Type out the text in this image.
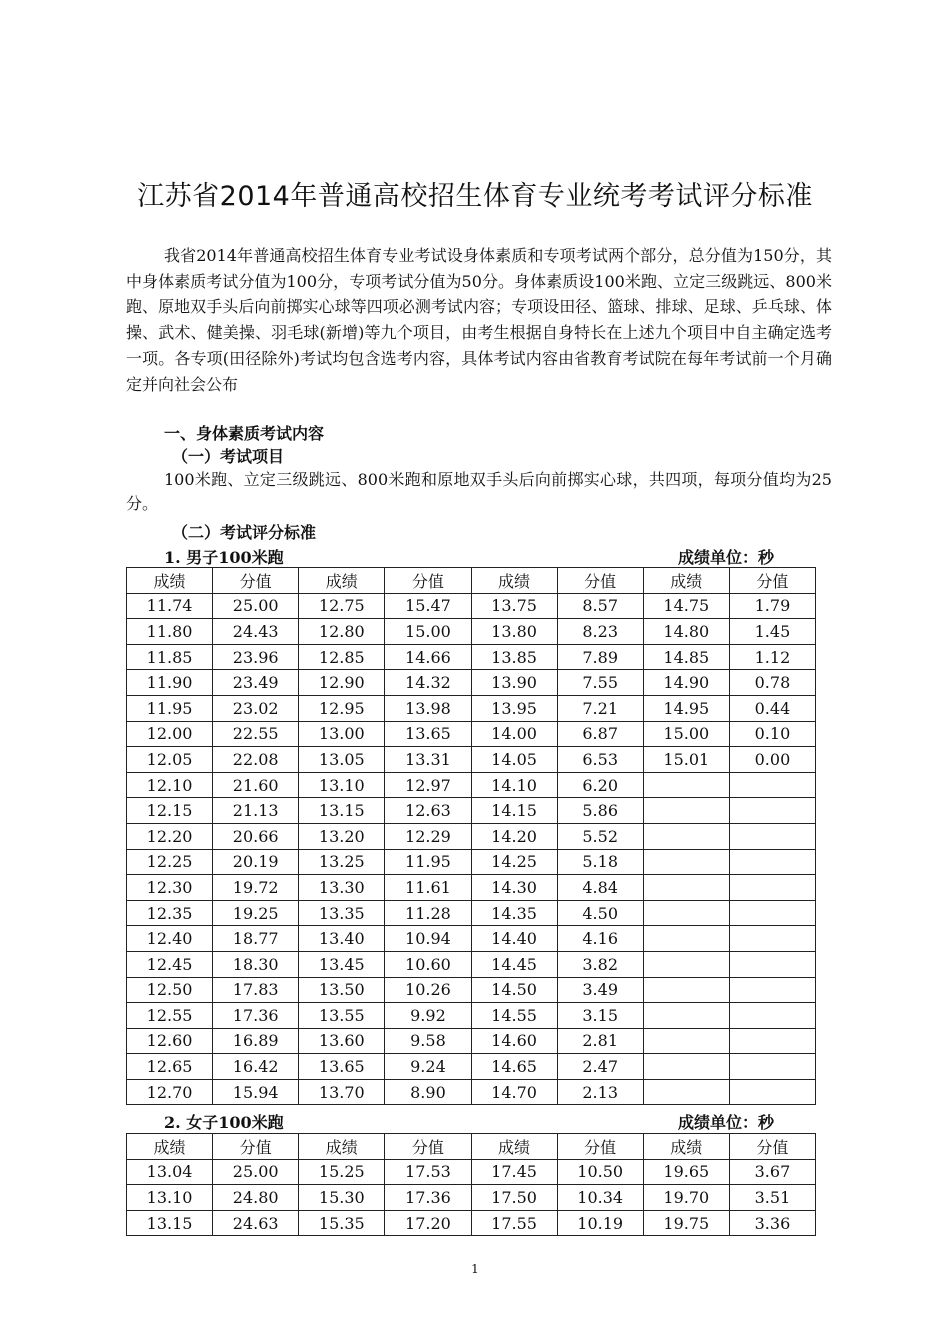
江苏省2014年普通高校招生体育专业统考考试评分标准

我省2014年普通高校招生体育专业考试设身体素质和专项考试两个部分，总分值为150分，其中身体素质考试分值为100分，专项考试分值为50分。身体素质设100米跑、立定三级跳远、800米跑、原地双手头后向前掷实心球等四项必测考试内容；专项设田径、篮球、排球、足球、乒乓球、体操、武术、健美操、羽毛球(新增)等九个项目，由考生根据自身特长在上述九个项目中自主确定选考一项。各专项(田径除外)考试均包含选考内容，具体考试内容由省教育考试院在每年考试前一个月确定并向社会公布

一、身体素质考试内容
（一）考试项目

100米跑、立定三级跳远、800米跑和原地双手头后向前掷实心球，共四项，每项分值均为25分。

（二）考试评分标准
1. 男子100米跑	成绩单位：秒
成绩	分值	成绩	分值	成绩	分值	成绩	分值
11.74	25.00	12.75	15.47	13.75	8.57	14.75	1.79
11.80	24.43	12.80	15.00	13.80	8.23	14.80	1.45
11.85	23.96	12.85	14.66	13.85	7.89	14.85	1.12
11.90	23.49	12.90	14.32	13.90	7.55	14.90	0.78
11.95	23.02	12.95	13.98	13.95	7.21	14.95	0.44
12.00	22.55	13.00	13.65	14.00	6.87	15.00	0.10
12.05	22.08	13.05	13.31	14.05	6.53	15.01	0.00
12.10	21.60	13.10	12.97	14.10	6.20		
12.15	21.13	13.15	12.63	14.15	5.86		
12.20	20.66	13.20	12.29	14.20	5.52		
12.25	20.19	13.25	11.95	14.25	5.18		
12.30	19.72	13.30	11.61	14.30	4.84		
12.35	19.25	13.35	11.28	14.35	4.50		
12.40	18.77	13.40	10.94	14.40	4.16		
12.45	18.30	13.45	10.60	14.45	3.82		
12.50	17.83	13.50	10.26	14.50	3.49		
12.55	17.36	13.55	9.92	14.55	3.15		
12.60	16.89	13.60	9.58	14.60	2.81		
12.65	16.42	13.65	9.24	14.65	2.47		
12.70	15.94	13.70	8.90	14.70	2.13		
2. 女子100米跑	成绩单位：秒
成绩	分值	成绩	分值	成绩	分值	成绩	分值
13.04	25.00	15.25	17.53	17.45	10.50	19.65	3.67
13.10	24.80	15.30	17.36	17.50	10.34	19.70	3.51
13.15	24.63	15.35	17.20	17.55	10.19	19.75	3.36
1
